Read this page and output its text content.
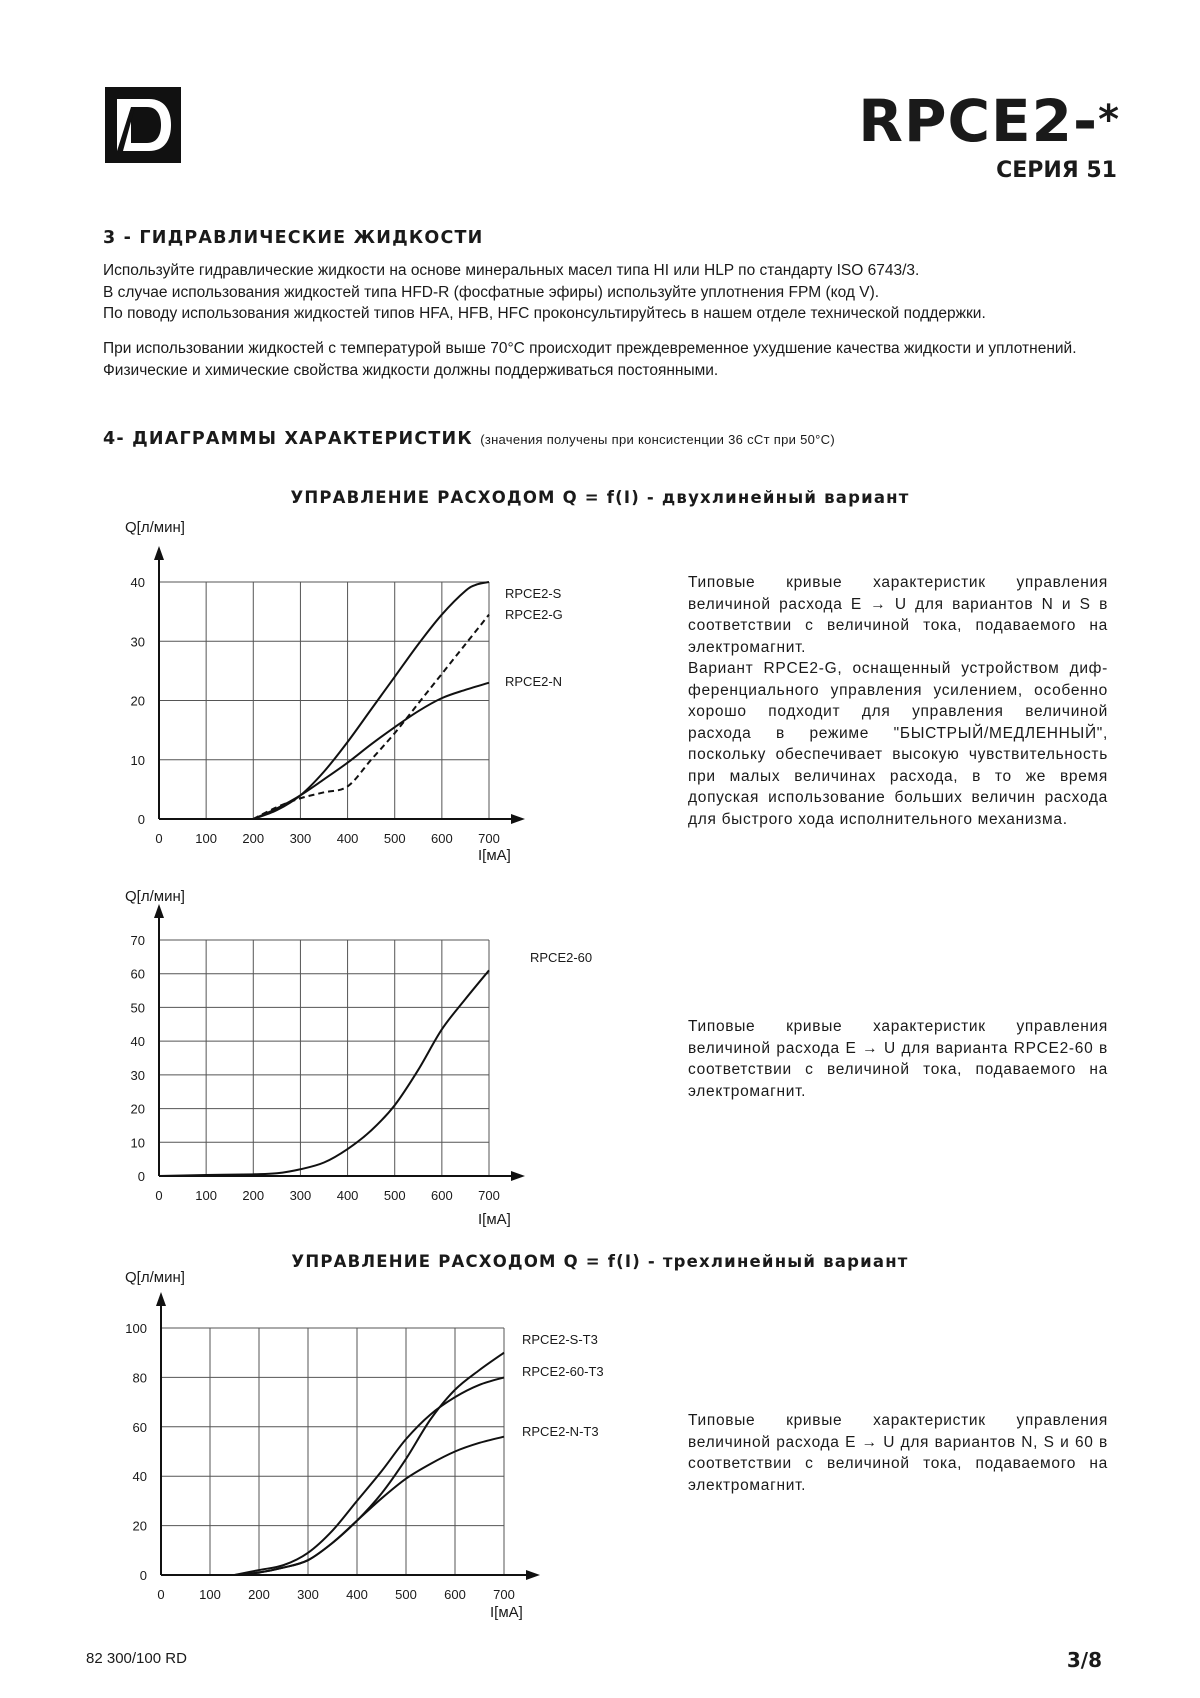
RPCE2-*
СЕРИЯ 51
3 - ГИДРАВЛИЧЕСКИЕ ЖИДКОСТИ
Используйте гидравлические жидкости на основе минеральных масел типа HI или HLP по стандарту ISO 6743/3.
В случае использования жидкостей типа HFD-R (фосфатные эфиры) используйте уплотнения FPM (код V).
По поводу использования жидкостей типов HFA, HFB, HFC проконсультируйтесь в нашем отделе технической поддержки.
При использовании жидкостей с температурой выше 70°C происходит преждевременное ухудшение качества жидкости и уплотнений.
Физические и химические свойства жидкости должны поддерживаться постоянными.
4- ДИАГРАММЫ ХАРАКТЕРИСТИК (значения получены при консистенции 36 сСт при 50°C)
УПРАВЛЕНИЕ РАСХОДОМ Q = f(I) - двухлинейный вариант
0	100 200 300 400 500 600 700
0
10
20
30
40
Q[л/мин]
I[мА]
RPCE2-S
RPCE2-G
RPCE2-N

Типовые кривые характеристик управления величиной расхода E → U для вариантов N и S в соответствии с величиной тока, подаваемого на электромагнит.

Вариант RPCE2-G, оснащенный устройством диф-ференциального управления усилением, особенно хорошо подходит для управления величиной расхода в режиме "БЫСТРЫЙ/МЕДЛЕННЫЙ", поскольку обеспечивает высокую чувствительность при малых величинах расхода, в то же время допуская использование больших величин расхода для быстрого хода исполнительного механизма.

0	100 200 300 400 500 600 700
0
10
20
30
40
50
60
70
Q[л/мин]
I[мА]
RPCE2-60
Типовые кривые характеристик управления величиной расхода E → U для варианта RPCE2-60 в соответствии с величиной тока, подаваемого на электромагнит.
УПРАВЛЕНИЕ РАСХОДОМ Q = f(I) - трехлинейный вариант
0	100 200 300 400 500 600 700
0
20
40
60
80
100
Q[л/мин]
I[мА]
RPCE2-S-T3
RPCE2-60-T3
RPCE2-N-T3
Типовые кривые характеристик управления величиной расхода E → U для вариантов N, S и 60 в соответствии с величиной тока, подаваемого на электромагнит.
82 300/100 RD	3/8
